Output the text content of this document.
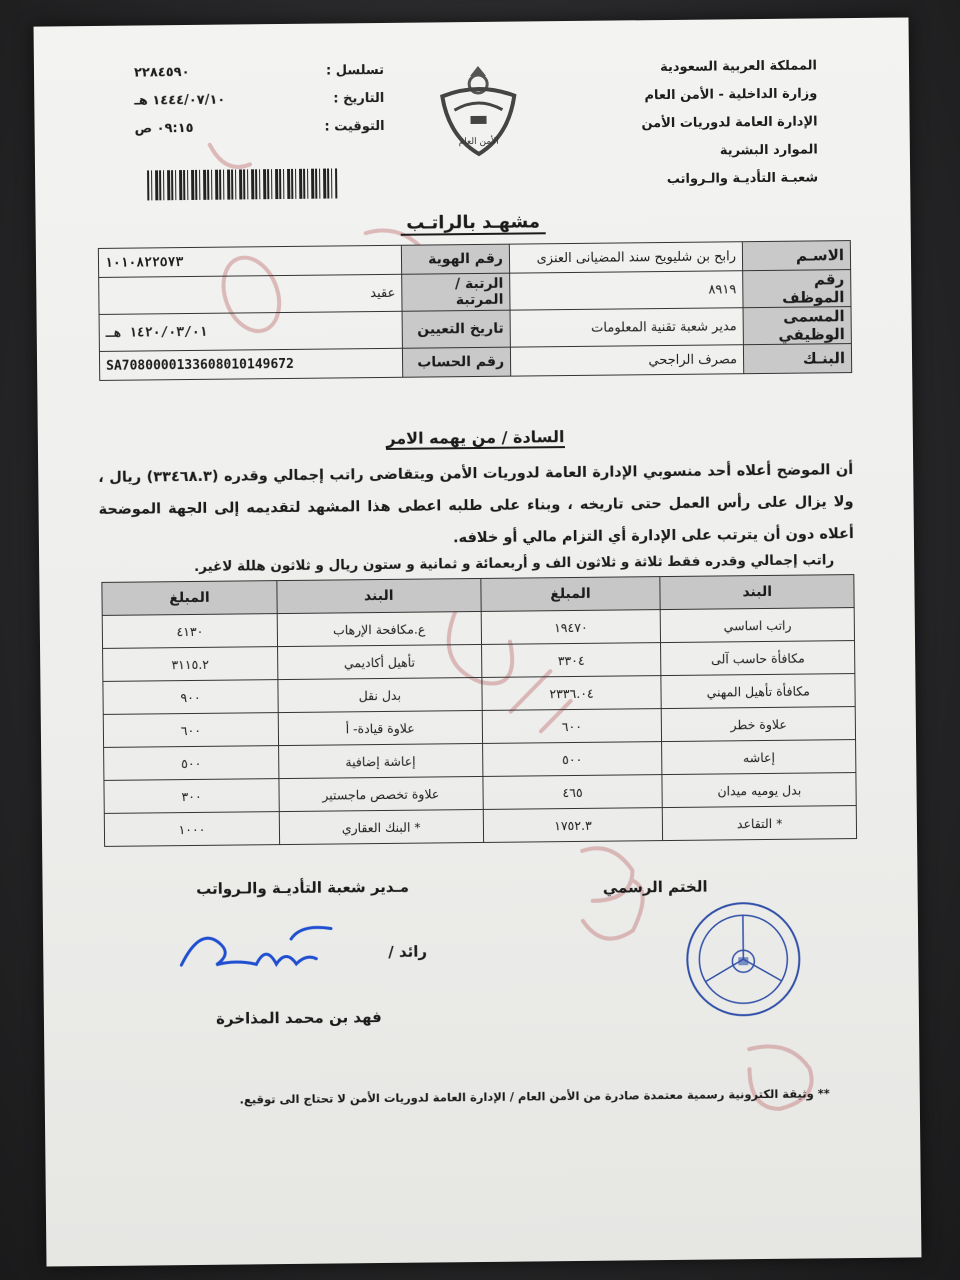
المملكة العربية السعودية
وزارة الداخلية - الأمن العام
الإدارة العامة لدوريات الأمن
الموارد البشرية
شعبـة التأديـة والـرواتب
الأمن العام
تسلسل :
٢٢٨٤٥٩٠
التاريخ :
١٤٤٤/٠٧/١٠ هـ
التوقيت :
٠٩:١٥ ص
مشهـد بالراتـب
الاسـم	رابح بن شليويح سند المضيانى العنزى	رقم الهوية	١٠١٠٨٢٢٥٧٣
رقم الموظف	٨٩١٩	الرتبة / المرتبة	عقيد
المسمى الوظيفي	مدير شعبة تقنية المعلومات	تاريخ التعيين	١٤٢٠/٠٣/٠١ هـ
البنـك	مصرف الراجحي	رقم الحساب	SA7080000133608010149672
السادة / من يهمه الامر
أن الموضح أعلاه أحد منسوبي الإدارة العامة لدوريات الأمن ويتقاضى راتب إجمالي وقدره (٣٣٤٦٨.٣) ريال ، ولا يزال على رأس العمل حتى تاريخه ، وبناء على طلبه اعطى هذا المشهد لتقديمه إلى الجهة الموضحة أعلاه دون أن يترتب على الإدارة أي التزام مالي أو خلافه.
راتب إجمالي وقدره فقط ثلاثة و ثلاثون الف و أربعمائة و ثمانية و ستون ريال و ثلاثون هللة لاغير.
البند	المبلغ	البند	المبلغ
راتب اساسي	١٩٤٧٠	ع.مكافحة الإرهاب	٤١٣٠
مكافأة حاسب آلى	٣٣٠٤	تأهيل أكاديمي	٣١١٥.٢
مكافأة تأهيل المهني	٢٣٣٦.٠٤	بدل نقل	٩٠٠
علاوة خطر	٦٠٠	علاوة قيادة- أ	٦٠٠
إعاشه	٥٠٠	إعاشة إضافية	٥٠٠
بدل يوميه ميدان	٤٦٥	علاوة تخصص ماجستير	٣٠٠
* التقاعد	١٧٥٢.٣	* البنك العقاري	١٠٠٠
الختم الرسمي
مـدير شعبة التأديـة والـرواتب
رائد /
فهد بن محمد المذاخرة
** وثيقة الكترونية رسمية معتمدة صادرة من الأمن العام / الإدارة العامة لدوريات الأمن لا تحتاج الى توقيع.
